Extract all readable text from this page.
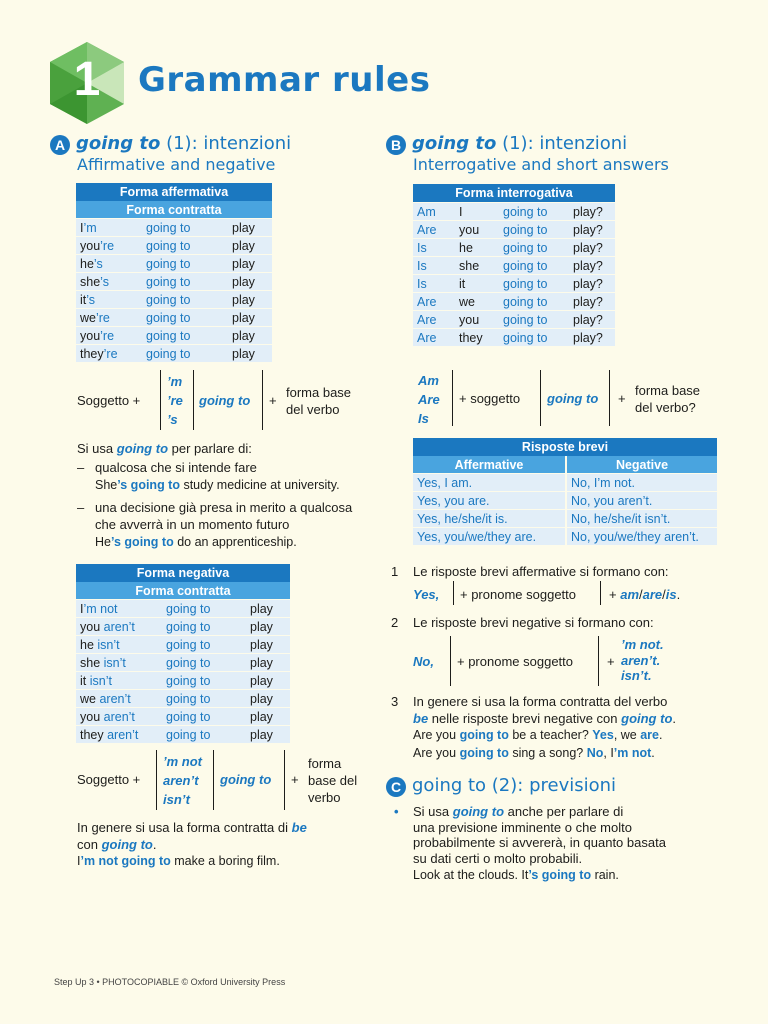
1	Grammar rules
A going to (1): intenzioni
Affirmative and negative
Forma affermativa		
Forma contratta		
I’m	going to	play
you’re	going to	play
he’s	going to	play
she’s	going to	play
it’s	going to	play
we’re	going to	play
you’re	going to	play
they’re	going to	play
Soggetto +
’m
’re
’s
going to +
forma base
del verbo
Si usa going to per parlare di:
– qualcosa che si intende fare
She’s going to study medicine at university.
– una decisione già presa in merito a qualcosa
che avverrà in un momento futuro
He’s going to do an apprenticeship.
Forma negativa		
Forma contratta		
I’m not	going to	play
you aren’t	going to	play
he isn’t	going to	play
she isn’t	going to	play
it isn’t	going to	play
we aren’t	going to	play
you aren’t	going to	play
they aren’t	going to	play
Soggetto +
’m not
aren’t
isn’t
going to +
forma
base del
verbo
In genere si usa la forma contratta di be
con going to.
I’m not going to make a boring film.
B going to (1): intenzioni
Interrogative and short answers
Forma interrogativa			
Am	I	going to	play?
Are	you	going to	play?
Is	he	going to	play?
Is	she	going to	play?
Is	it	going to	play?
Are	we	going to	play?
Are	you	going to	play?
Are	they	going to	play?
Am
Are
Is
+ soggetto going to +
forma base
del verbo?
Risposte brevi	
Affermative	Negative
Yes, I am.	No, I’m not.
Yes, you are.	No, you aren’t.
Yes, he/she/it is.	No, he/she/it isn’t.
Yes, you/we/they are.	No, you/we/they aren’t.
1 Le risposte brevi affermative si formano con:
Yes, + pronome soggetto	+ am/are/is.
2 Le risposte brevi negative si formano con:
No, + pronome soggetto	+
’m not.
aren’t.
isn’t.
3 In genere si usa la forma contratta del verbo
be nelle risposte brevi negative con going to.
Are you going to be a teacher? Yes, we are.
Are you going to sing a song? No, I’m not.
C going to (2): previsioni
• Si usa going to anche per parlare di
una previsione imminente o che molto
probabilmente si avvererà, in quanto basata
su dati certi o molto probabili.
Look at the clouds. It’s going to rain.
Step Up 3 • PHOTOCOPIABLE © Oxford University Press
